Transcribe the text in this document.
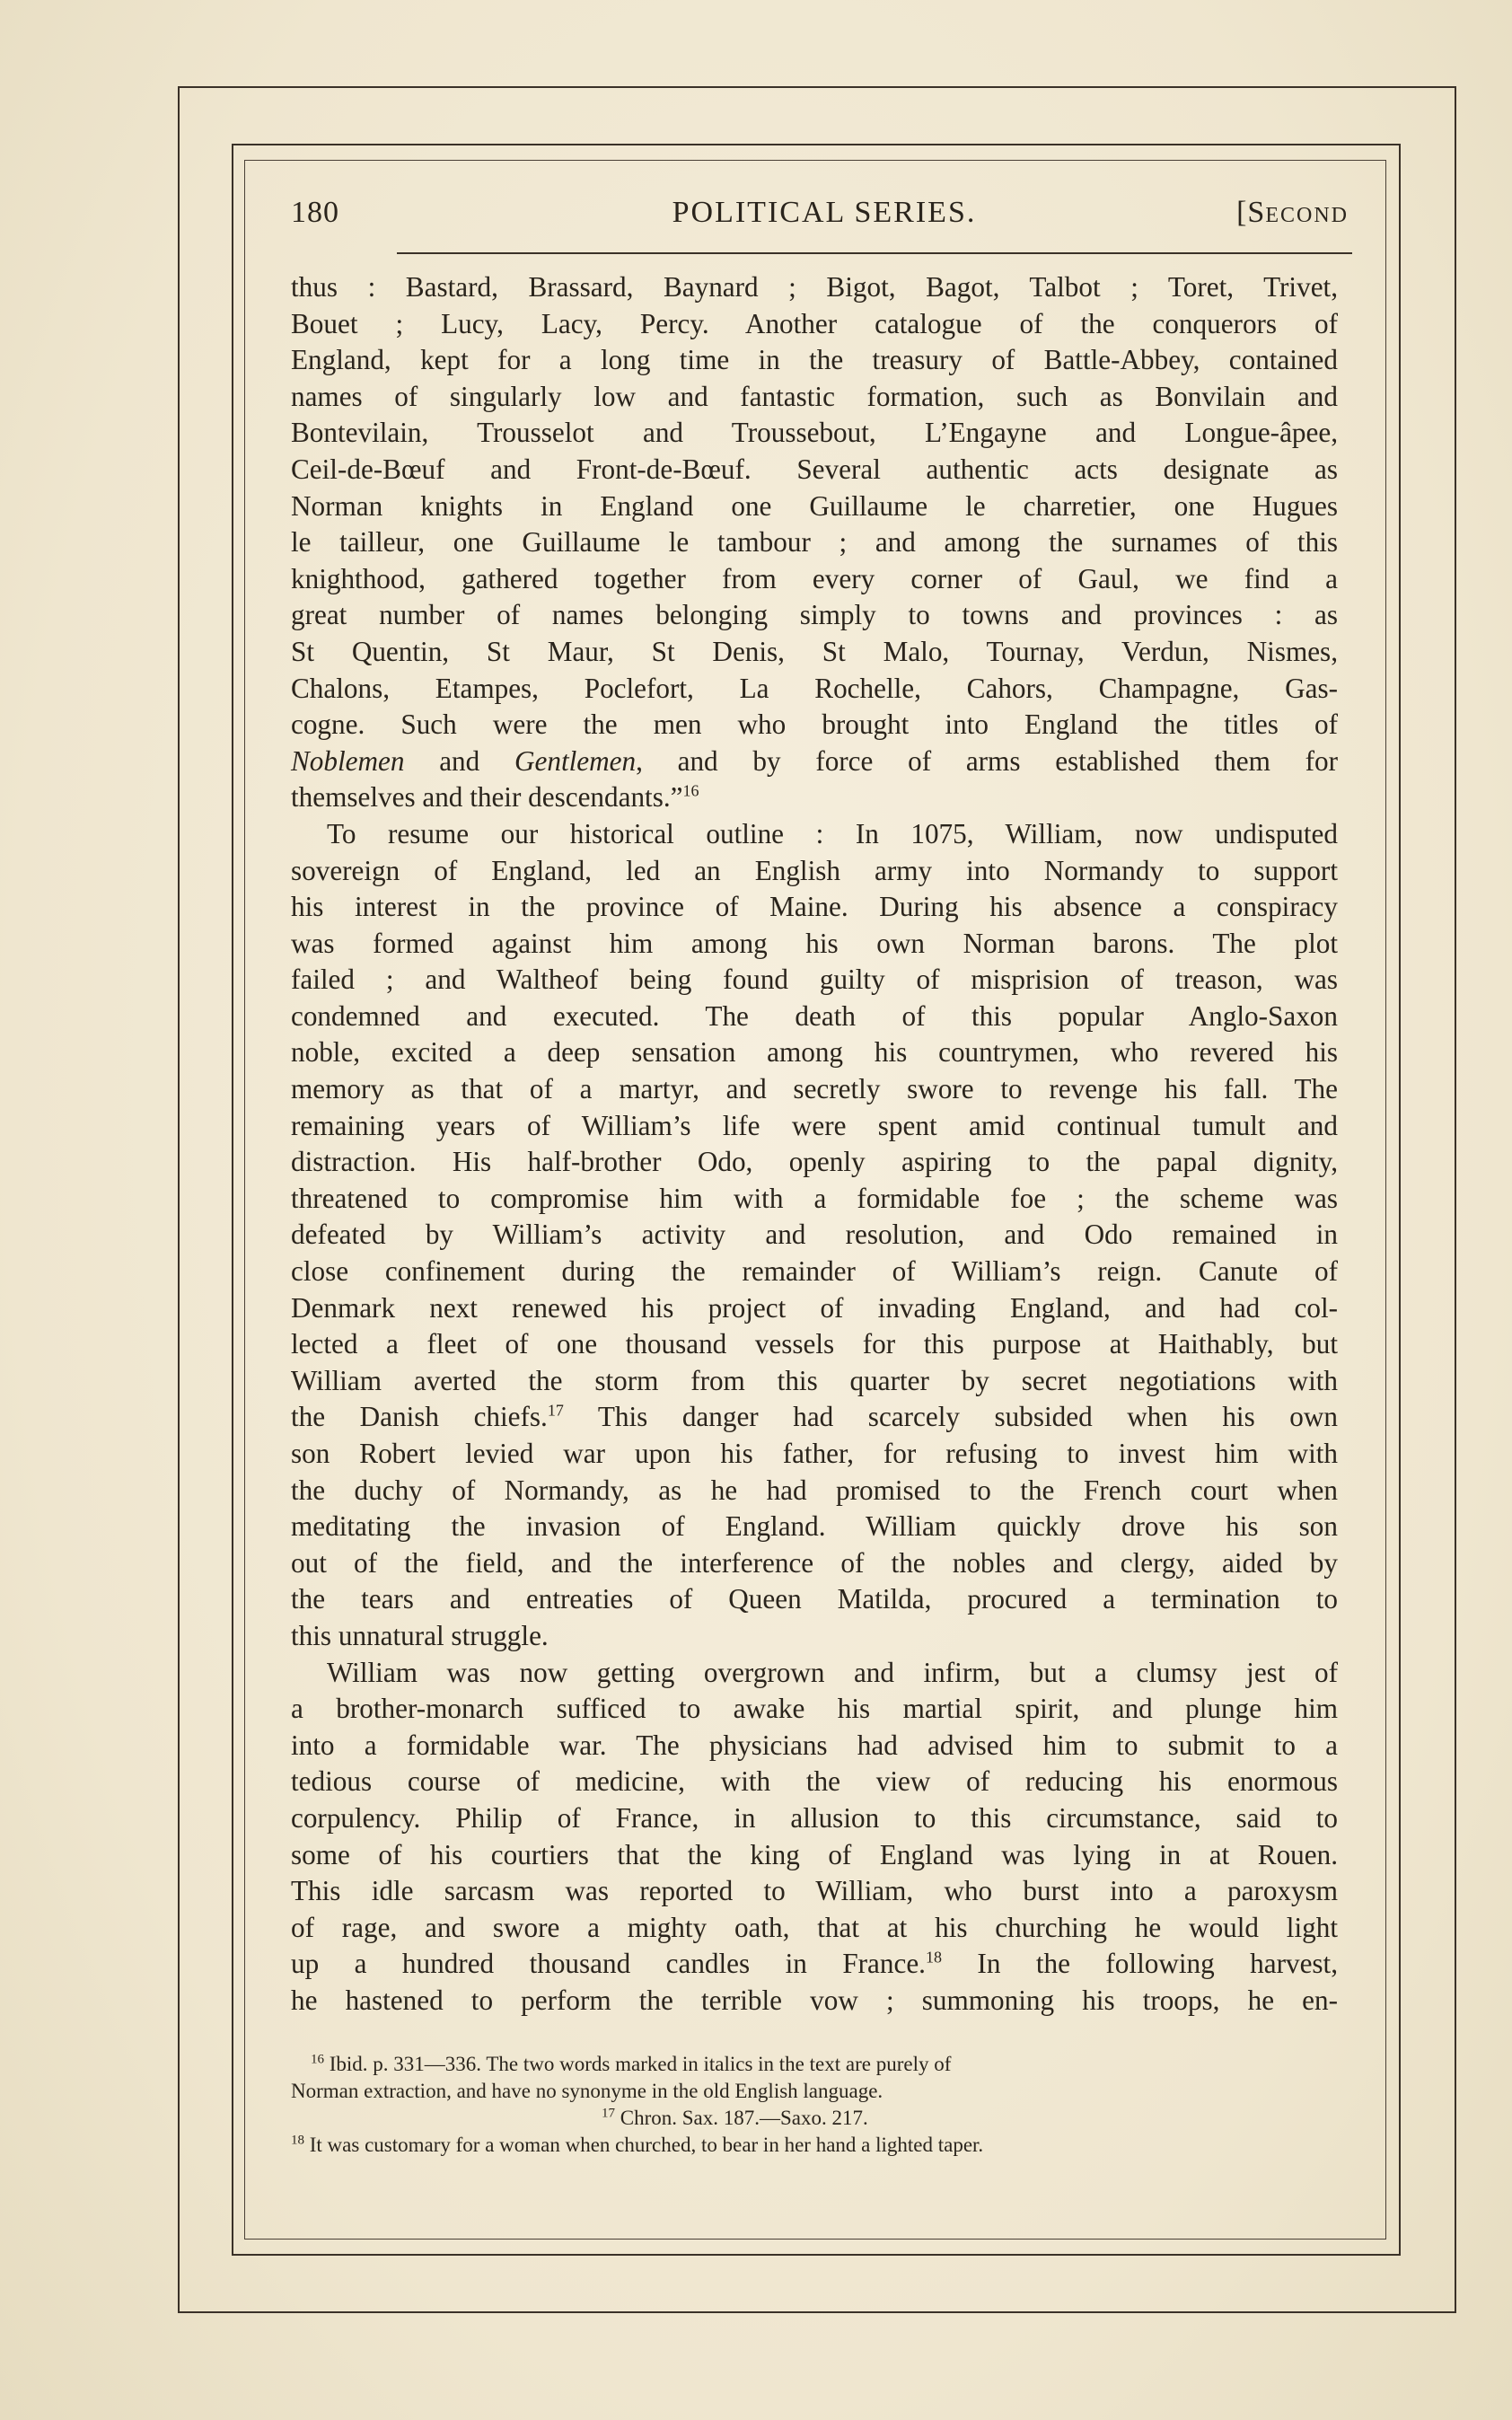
180	POLITICAL SERIES.	[SECOND

thus : Bastard, Brassard, Baynard ; Bigot, Bagot, Talbot ; Toret, Trivet,
Bouet ; Lucy, Lacy, Percy. Another catalogue of the conquerors of
England, kept for a long time in the treasury of Battle-Abbey, contained
names of singularly low and fantastic formation, such as Bonvilain and
Bontevilain, Trousselot and Troussebout, L’Engayne and Longue-âpee,
Ceil-de-Bœuf and Front-de-Bœuf. Several authentic acts designate as
Norman knights in England one Guillaume le charretier, one Hugues
le tailleur, one Guillaume le tambour ; and among the surnames of this
knighthood, gathered together from every corner of Gaul, we find a
great number of names belonging simply to towns and provinces : as
St Quentin, St Maur, St Denis, St Malo, Tournay, Verdun, Nismes,
Chalons, Etampes, Poclefort, La Rochelle, Cahors, Champagne, Gas-
cogne. Such were the men who brought into England the titles of
Noblemen and Gentlemen, and by force of arms established them for
themselves and their descendants.”$^{16}$

To resume our historical outline : In 1075, William, now undisputed
sovereign of England, led an English army into Normandy to support
his interest in the province of Maine. During his absence a conspiracy
was formed against him among his own Norman barons. The plot
failed ; and Waltheof being found guilty of misprision of treason, was
condemned and executed. The death of this popular Anglo-Saxon
noble, excited a deep sensation among his countrymen, who revered his
memory as that of a martyr, and secretly swore to revenge his fall. The
remaining years of William’s life were spent amid continual tumult and
distraction. His half-brother Odo, openly aspiring to the papal dignity,
threatened to compromise him with a formidable foe ; the scheme was
defeated by William’s activity and resolution, and Odo remained in
close confinement during the remainder of William’s reign. Canute of
Denmark next renewed his project of invading England, and had col-
lected a fleet of one thousand vessels for this purpose at Haithably, but
William averted the storm from this quarter by secret negotiations with
the Danish chiefs.$^{17}$ This danger had scarcely subsided when his own
son Robert levied war upon his father, for refusing to invest him with
the duchy of Normandy, as he had promised to the French court when
meditating the invasion of England. William quickly drove his son
out of the field, and the interference of the nobles and clergy, aided by
the tears and entreaties of Queen Matilda, procured a termination to
this unnatural struggle.

William was now getting overgrown and infirm, but a clumsy jest of
a brother-monarch sufficed to awake his martial spirit, and plunge him
into a formidable war. The physicians had advised him to submit to a
tedious course of medicine, with the view of reducing his enormous
corpulency. Philip of France, in allusion to this circumstance, said to
some of his courtiers that the king of England was lying in at Rouen.
This idle sarcasm was reported to William, who burst into a paroxysm
of rage, and swore a mighty oath, that at his churching he would light
up a hundred thousand candles in France.$^{18}$ In the following harvest,
he hastened to perform the terrible vow ; summoning his troops, he en-

$^{16}$ Ibid. p. 331—336. The two words marked in italics in the text are purely of
Norman extraction, and have no synonyme in the old English language.
$^{17}$ Chron. Sax. 187.—Saxo. 217.
$^{18}$ It was customary for a woman when churched, to bear in her hand a lighted taper.
